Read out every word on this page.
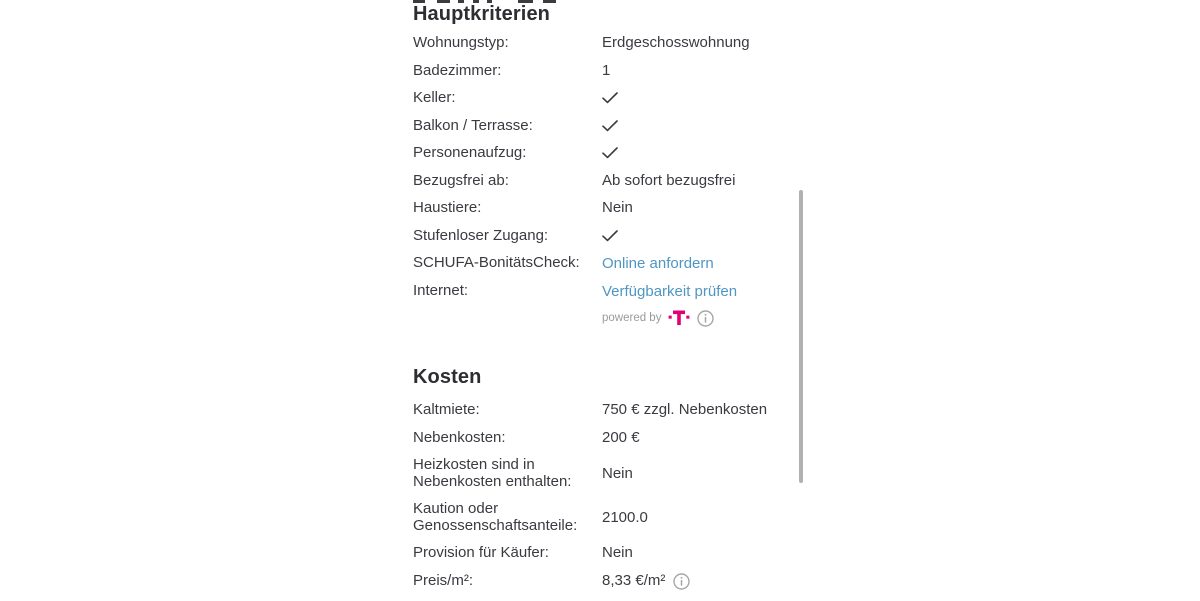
Hauptkriterien
Wohnungstyp:	Erdgeschosswohnung
Badezimmer:	1
Keller:
Balkon / Terrasse:
Personenaufzug:
Bezugsfrei ab:	Ab sofort bezugsfrei
Haustiere:	Nein
Stufenloser Zugang:
SCHUFA-BonitätsCheck:	Online anfordern
Internet:	Verfügbarkeit prüfen
powered by
Kosten
Kaltmiete:	750 € zzgl. Nebenkosten
Nebenkosten:	200 €
Heizkosten sind in Nebenkosten enthalten:	Nein
Kaution oder Genossenschaftsanteile:	2100.0
Provision für Käufer:	Nein
Preis/m²:	8,33 €/m²
